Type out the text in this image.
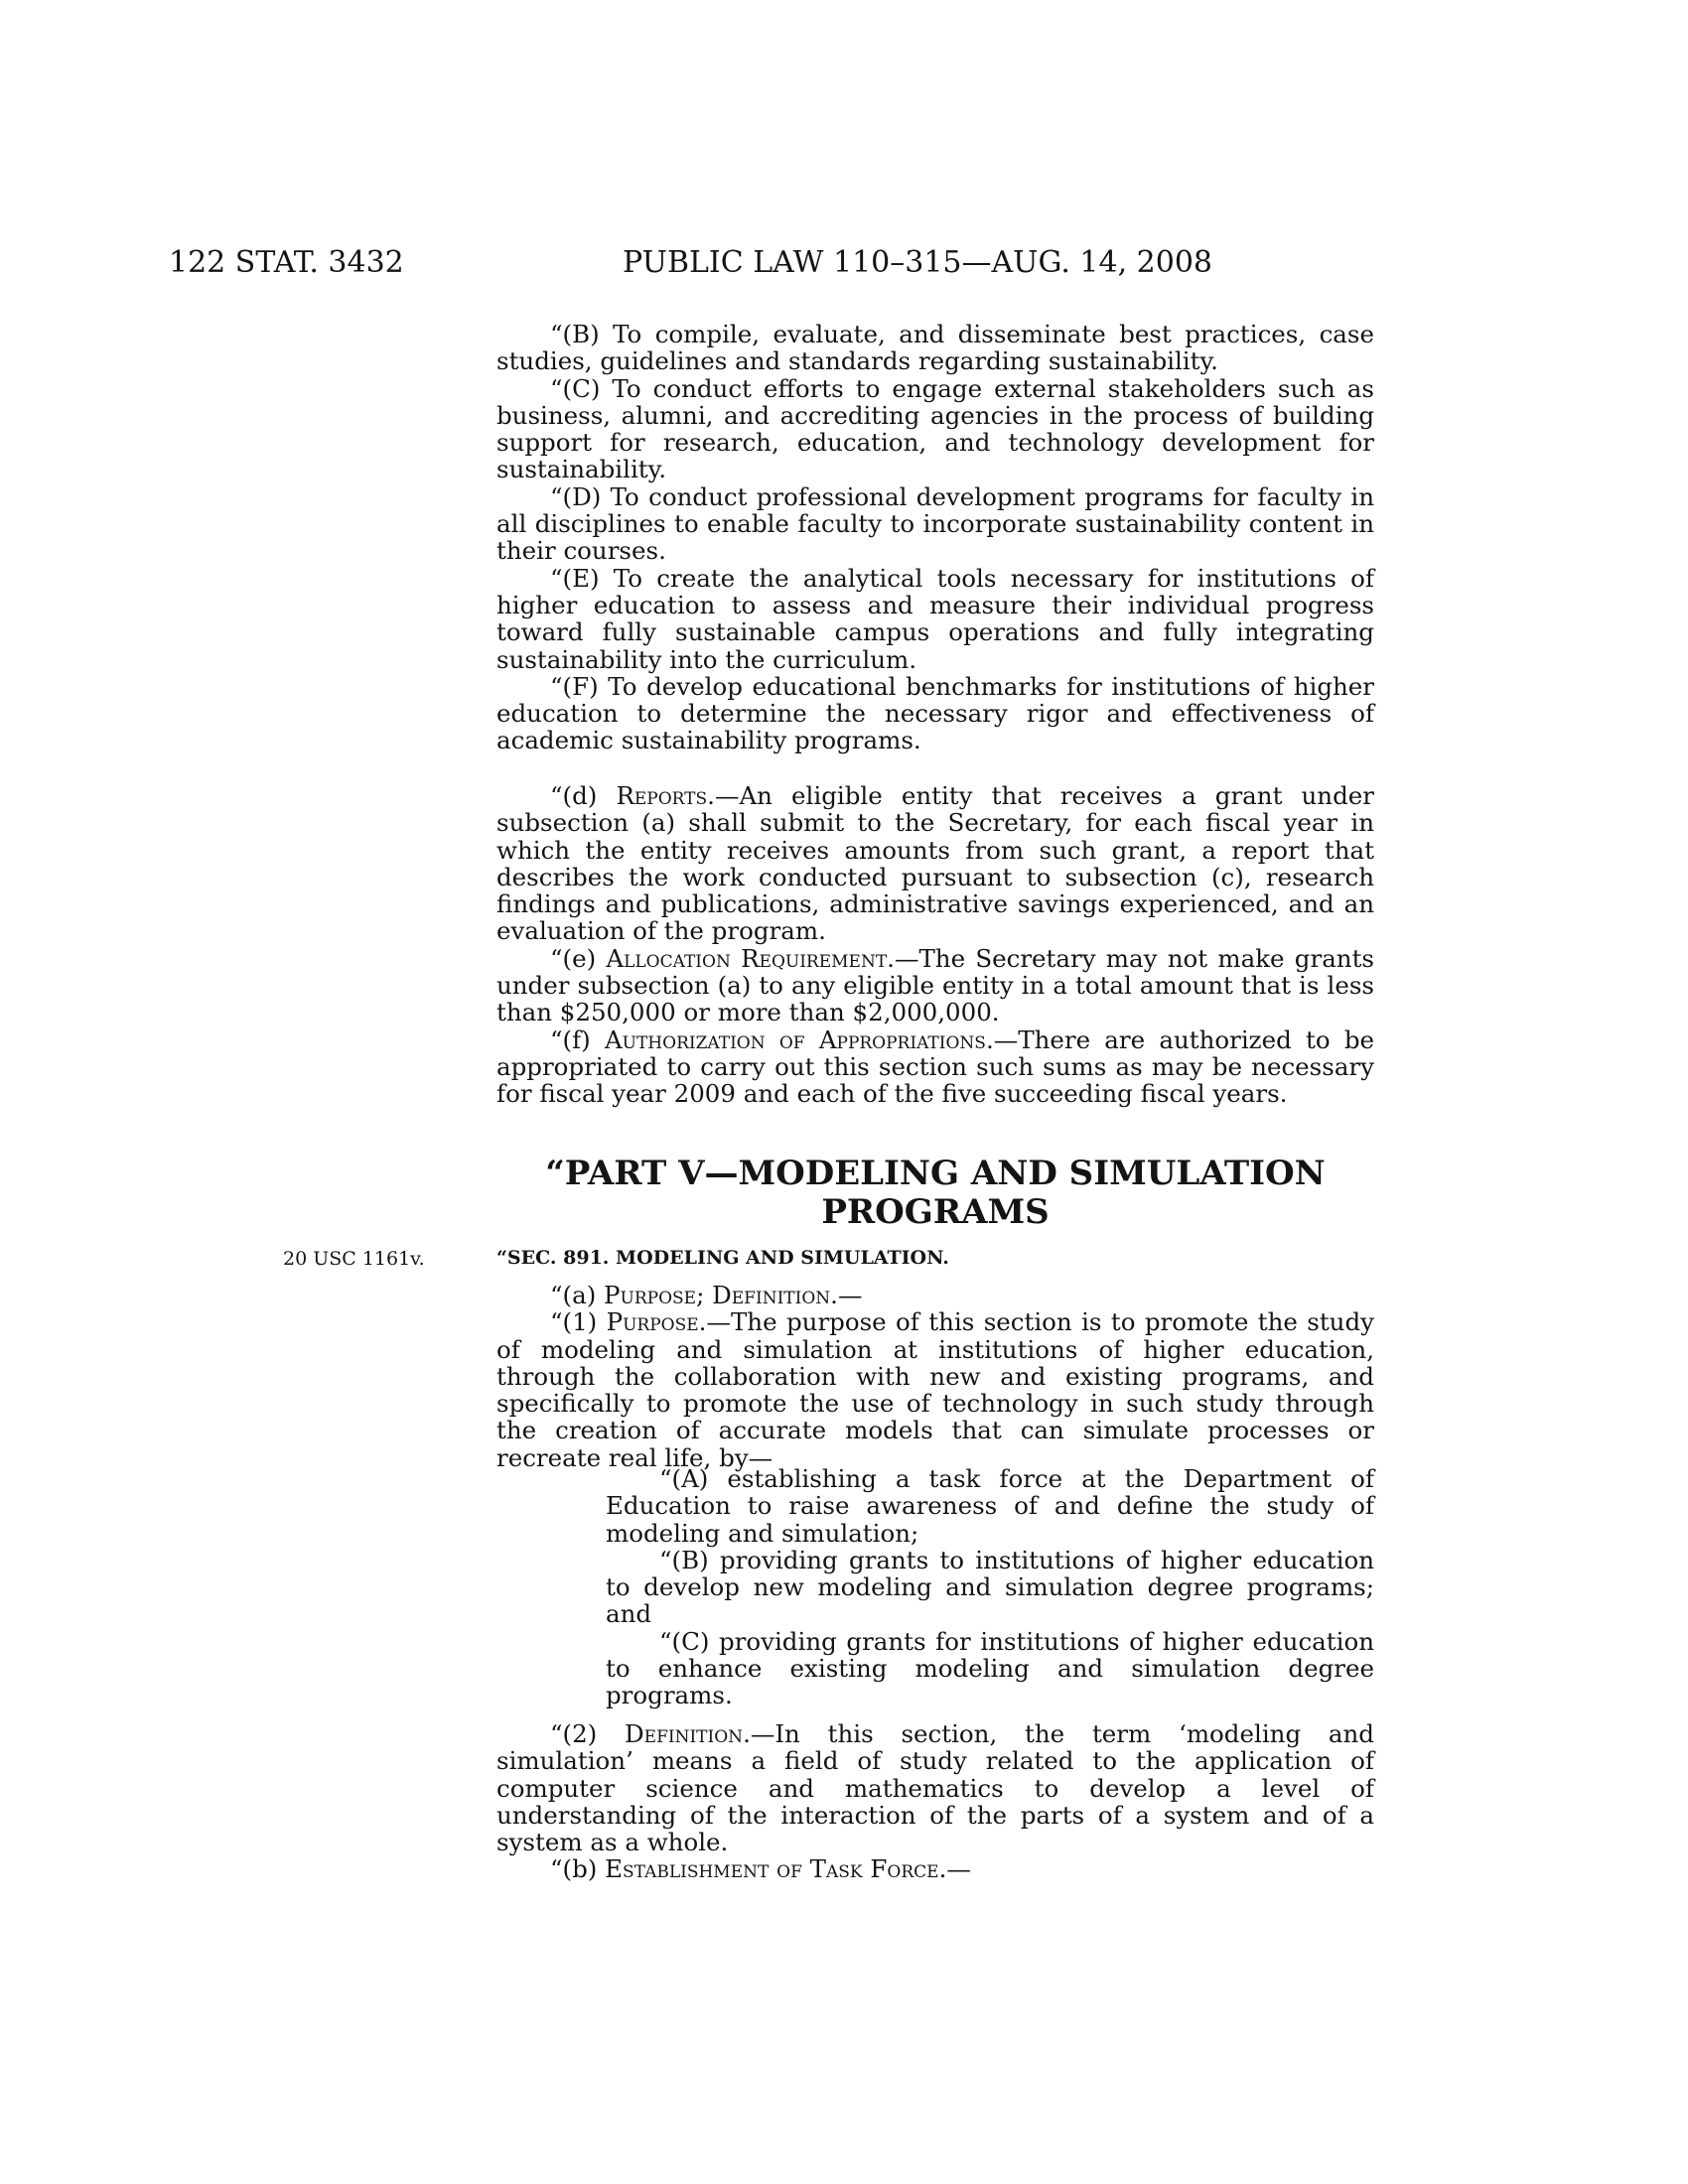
122 STAT. 3432	PUBLIC LAW 110–315—AUG. 14, 2008

“(B) To compile, evaluate, and disseminate best practices, case studies, guidelines and standards regarding sustainability.

“(C) To conduct efforts to engage external stakeholders such as business, alumni, and accrediting agencies in the process of building support for research, education, and technology development for sustainability.

“(D) To conduct professional development programs for faculty in all disciplines to enable faculty to incorporate sustainability content in their courses.

“(E) To create the analytical tools necessary for institutions of higher education to assess and measure their individual progress toward fully sustainable campus operations and fully integrating sustainability into the curriculum.

“(F) To develop educational benchmarks for institutions of higher education to determine the necessary rigor and effectiveness of academic sustainability programs.

“(d) Reports.—An eligible entity that receives a grant under subsection (a) shall submit to the Secretary, for each fiscal year in which the entity receives amounts from such grant, a report that describes the work conducted pursuant to subsection (c), research findings and publications, administrative savings experienced, and an evaluation of the program.

“(e) Allocation Requirement.—The Secretary may not make grants under subsection (a) to any eligible entity in a total amount that is less than $250,000 or more than $2,000,000.

“(f) Authorization of Appropriations.—There are authorized to be appropriated to carry out this section such sums as may be necessary for fiscal year 2009 and each of the five succeeding fiscal years.

“PART V—MODELING AND SIMULATION
PROGRAMS
20 USC 1161v.	“SEC. 891. MODELING AND SIMULATION.

“(a) Purpose; Definition.—

“(1) Purpose.—The purpose of this section is to promote the study of modeling and simulation at institutions of higher education, through the collaboration with new and existing programs, and specifically to promote the use of technology in such study through the creation of accurate models that can simulate processes or recreate real life, by—

“(A) establishing a task force at the Department of Education to raise awareness of and define the study of modeling and simulation;

“(B) providing grants to institutions of higher education to develop new modeling and simulation degree programs; and

“(C) providing grants for institutions of higher education to enhance existing modeling and simulation degree programs.

“(2) Definition.—In this section, the term ‘modeling and simulation’ means a field of study related to the application of computer science and mathematics to develop a level of understanding of the interaction of the parts of a system and of a system as a whole.

“(b) Establishment of Task Force.—
